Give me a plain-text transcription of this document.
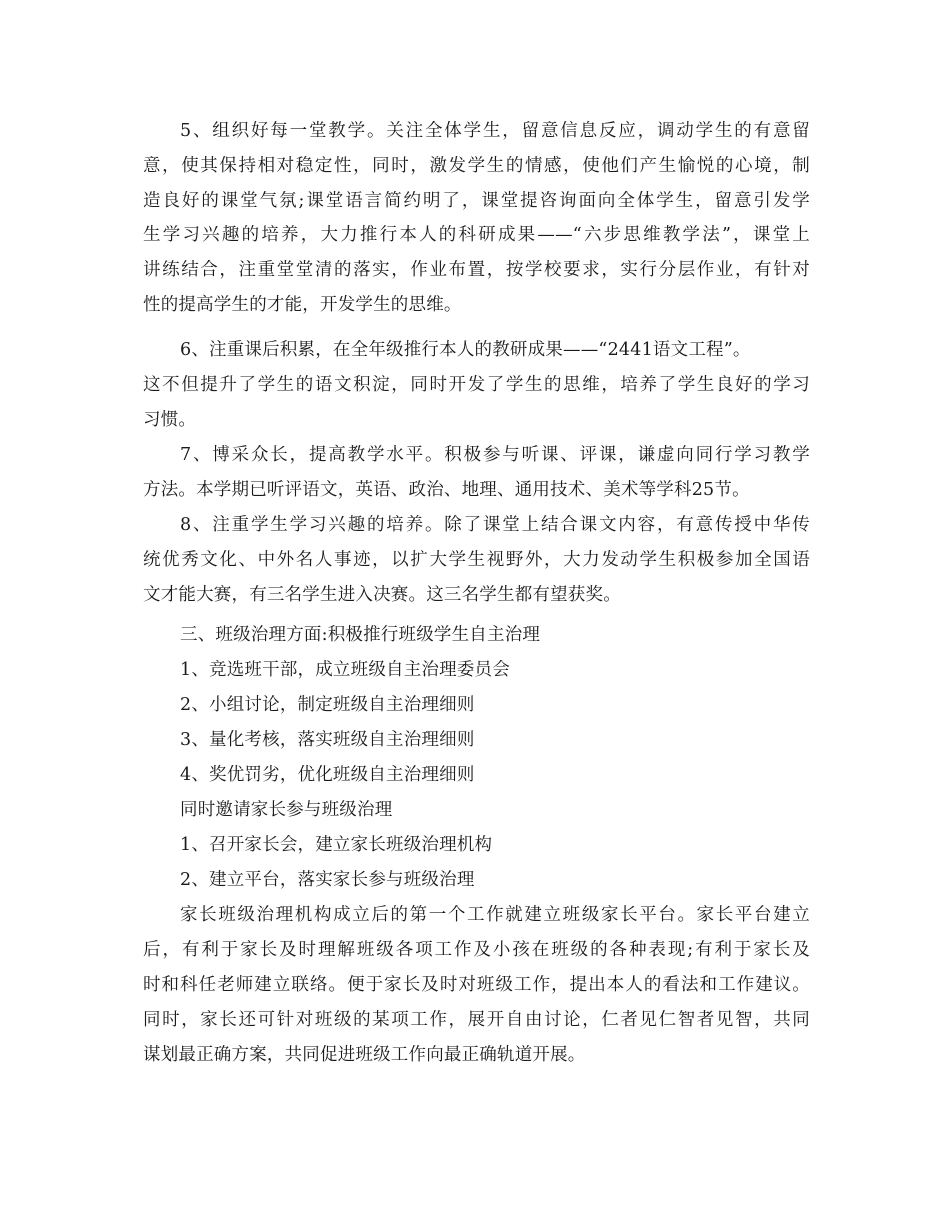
5、组织好每一堂教学。关注全体学生，留意信息反应，调动学生的有意留
意，使其保持相对稳定性，同时，激发学生的情感，使他们产生愉悦的心境，制
造良好的课堂气氛;课堂语言简约明了，课堂提咨询面向全体学生，留意引发学
生学习兴趣的培养，大力推行本人的科研成果——“六步思维教学法”，课堂上
讲练结合，注重堂堂清的落实，作业布置，按学校要求，实行分层作业，有针对
性的提高学生的才能，开发学生的思维。
6、注重课后积累，在全年级推行本人的教研成果——“2441语文工程”。
这不但提升了学生的语文积淀，同时开发了学生的思维，培养了学生良好的学习
习惯。
7、博采众长，提高教学水平。积极参与听课、评课，谦虚向同行学习教学
方法。本学期已听评语文，英语、政治、地理、通用技术、美术等学科25节。
8、注重学生学习兴趣的培养。除了课堂上结合课文内容，有意传授中华传
统优秀文化、中外名人事迹，以扩大学生视野外，大力发动学生积极参加全国语
文才能大赛，有三名学生进入决赛。这三名学生都有望获奖。
三、班级治理方面:积极推行班级学生自主治理
1、竞选班干部，成立班级自主治理委员会
2、小组讨论，制定班级自主治理细则
3、量化考核，落实班级自主治理细则
4、奖优罚劣，优化班级自主治理细则
同时邀请家长参与班级治理
1、召开家长会，建立家长班级治理机构
2、建立平台，落实家长参与班级治理
家长班级治理机构成立后的第一个工作就建立班级家长平台。家长平台建立
后，有利于家长及时理解班级各项工作及小孩在班级的各种表现;有利于家长及
时和科任老师建立联络。便于家长及时对班级工作，提出本人的看法和工作建议。
同时，家长还可针对班级的某项工作，展开自由讨论，仁者见仁智者见智，共同
谋划最正确方案，共同促进班级工作向最正确轨道开展。
